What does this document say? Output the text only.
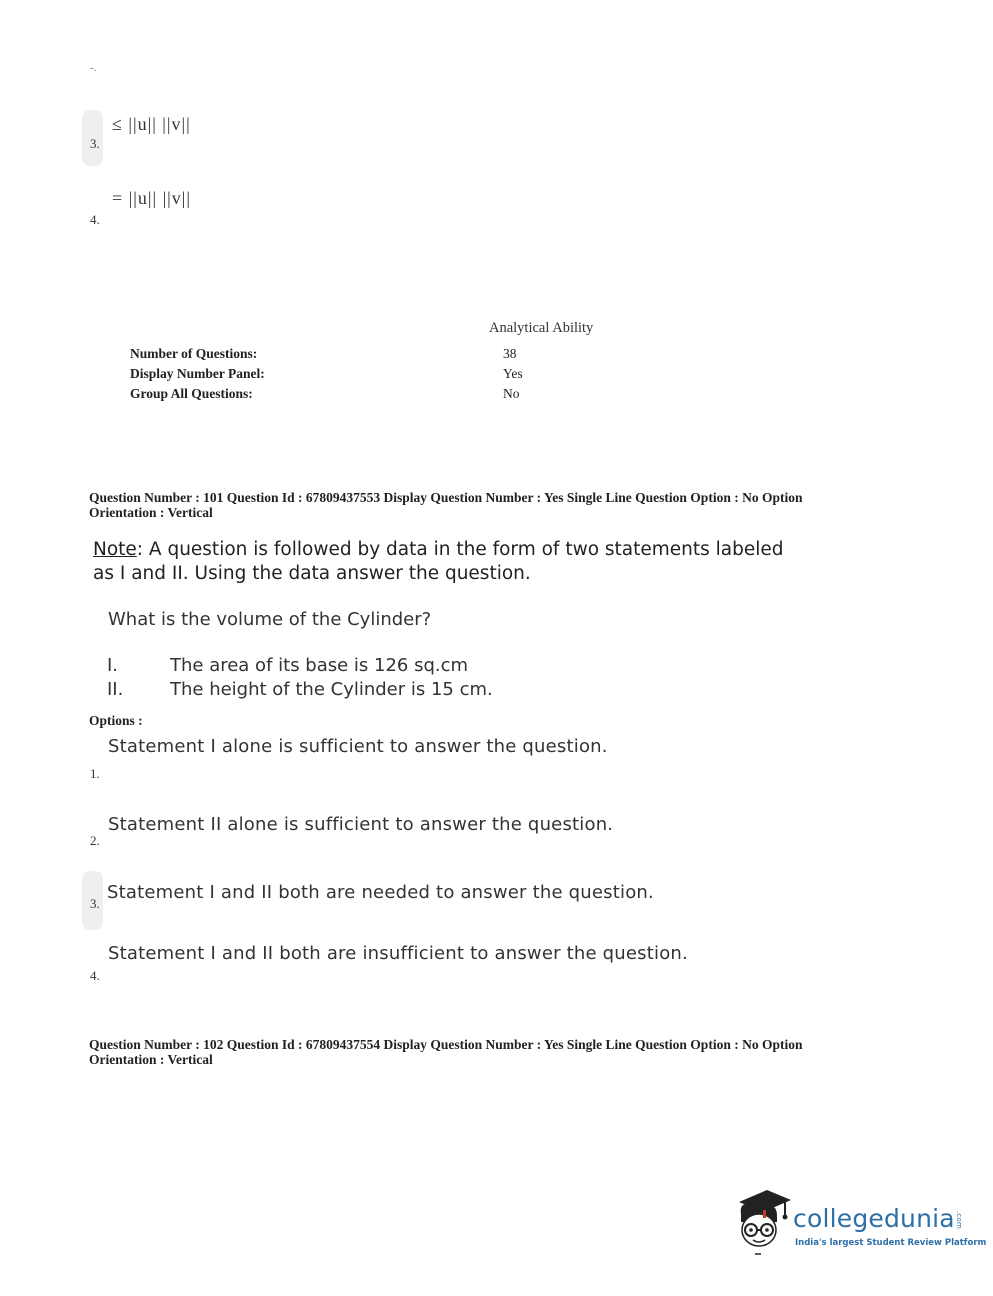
-.
3.
≤ ||u|| ||v||
4.
= ||u|| ||v||
Analytical Ability
Number of Questions:	38
Display Number Panel:	Yes
Group All Questions:	No
Question Number : 101 Question Id : 67809437553 Display Question Number : Yes Single Line Question Option : No Option
Orientation : Vertical
Note: A question is followed by data in the form of two statements labeled
as I and II. Using the data answer the question.
What is the volume of the Cylinder?
I.	The area of its base is 126 sq.cm
II.	The height of the Cylinder is 15 cm.
Options :
Statement I alone is sufficient to answer the question.
1.
Statement II alone is sufficient to answer the question.
2.
Statement I and II both are needed to answer the question.
3.
Statement I and II both are insufficient to answer the question.
4.
Question Number : 102 Question Id : 67809437554 Display Question Number : Yes Single Line Question Option : No Option
Orientation : Vertical
collegedunia.com
India's largest Student Review Platform
